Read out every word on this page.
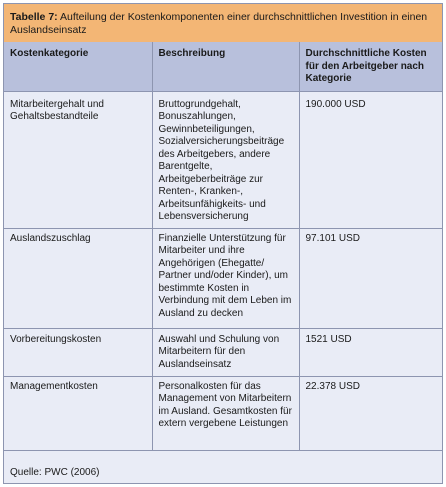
Tabelle 7: Aufteilung der Kostenkomponenten einer durchschnittlichen Investition in einen Auslandseinsatz
Kostenkategorie	Beschreibung	Durchschnittliche Kosten für den Arbeitgeber nach Kategorie
Mitarbeitergehalt und Gehaltsbestandteile	Bruttogrundgehalt, Bonuszahlungen, Gewinnbeteiligungen, Sozialversicherungsbeiträge des Arbeitgebers, andere Barentgelte, Arbeitgeberbeiträge zur Renten-, Kranken-, Arbeitsunfähigkeits- und Lebensversicherung	190.000 USD
Auslandszuschlag	Finanzielle Unterstützung für Mitarbeiter und ihre Angehörigen (Ehegatte/ Partner und/oder Kinder), um bestimmte Kosten in Verbindung mit dem Leben im Ausland zu decken	97.101 USD
Vorbereitungskosten	Auswahl und Schulung von Mitarbeitern für den Auslandseinsatz	1521 USD
Managementkosten	Personalkosten für das Management von Mitarbeitern im Ausland. Gesamtkosten für extern vergebene Leistungen	22.378 USD
Quelle: PWC (2006)
